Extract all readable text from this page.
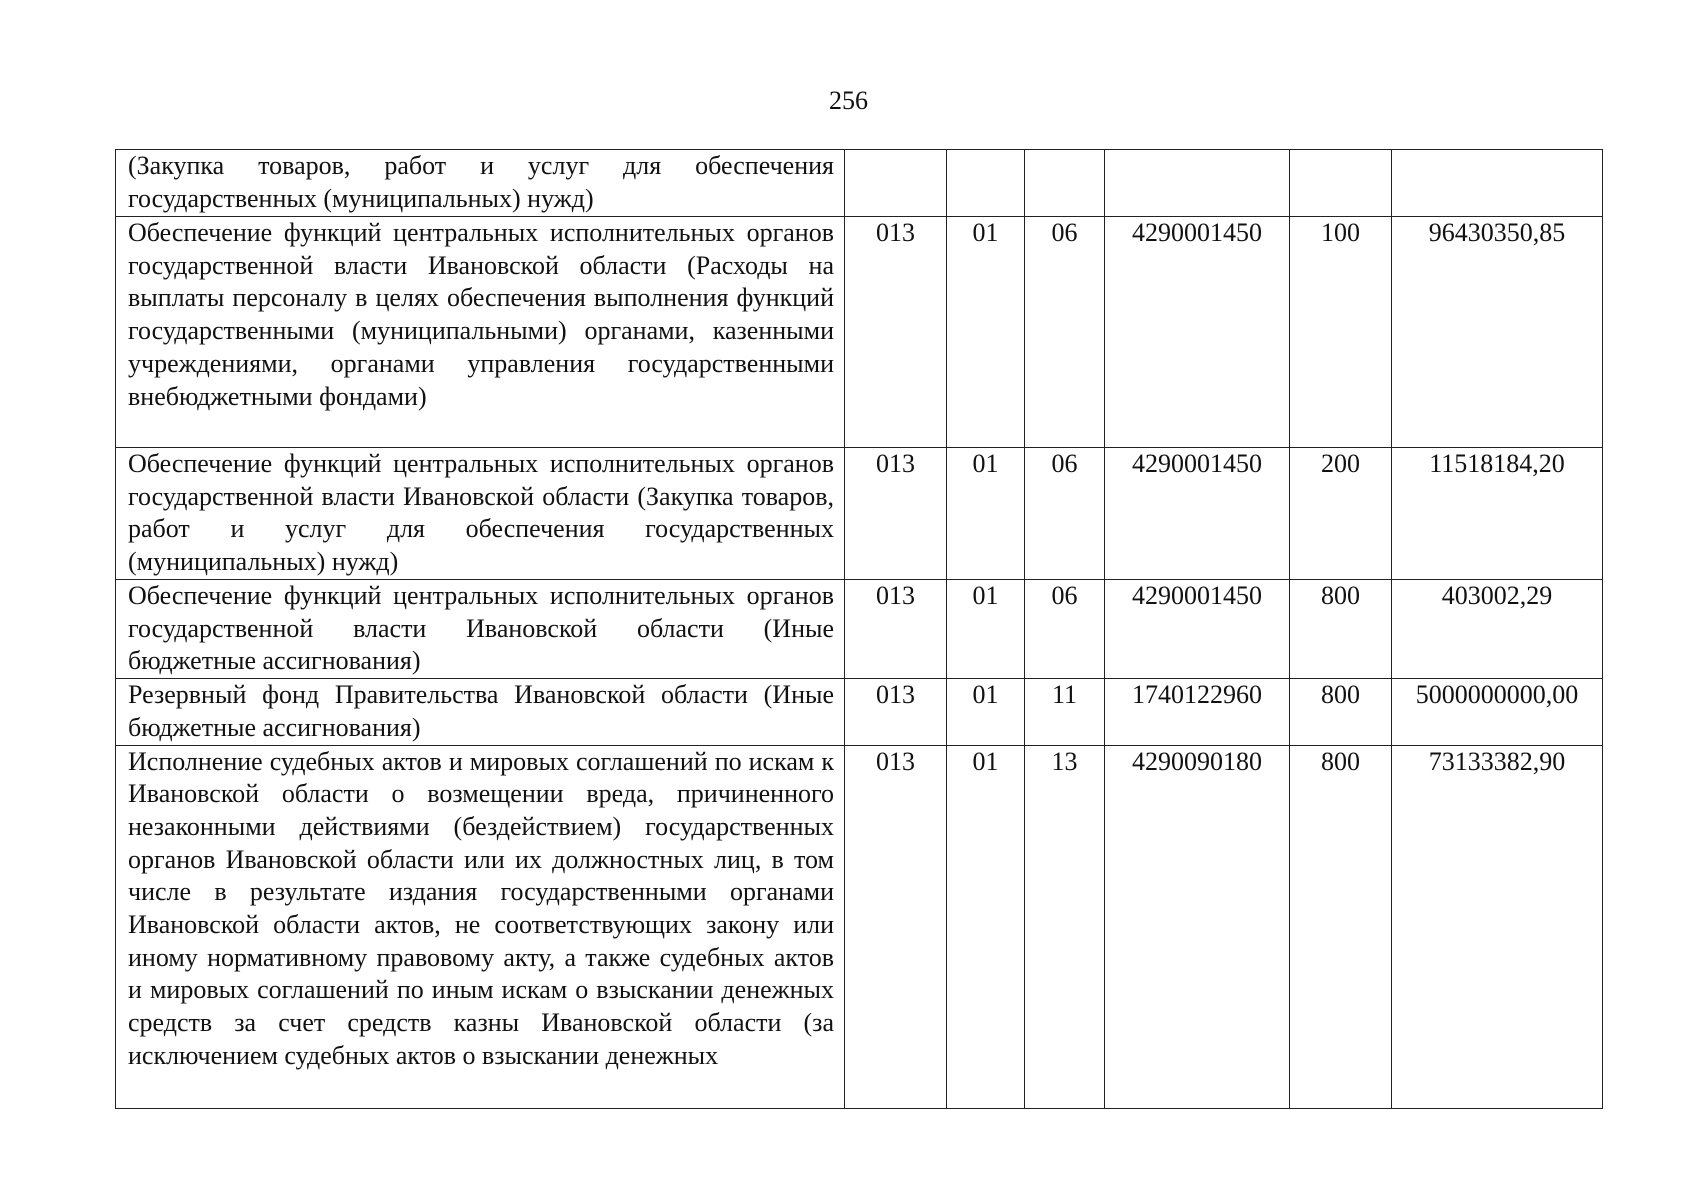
256
(Закупка товаров, работ и услуг для обеспечения государственных (муниципальных) нужд)						
Обеспечение функций центральных исполнительных органов государственной власти Ивановской области (Расходы на выплаты персоналу в целях обеспечения выполнения функций государственными (муниципальными) органами, казенными учреждениями, органами управления государственными внебюджетными фондами)	013	01	06	4290001450	100	96430350,85
Обеспечение функций центральных исполнительных органов государственной власти Ивановской области (Закупка товаров, работ и услуг для обеспечения государственных (муниципальных) нужд)	013	01	06	4290001450	200	11518184,20
Обеспечение функций центральных исполнительных органов государственной власти Ивановской области (Иные бюджетные ассигнования)	013	01	06	4290001450	800	403002,29
Резервный фонд Правительства Ивановской области (Иные бюджетные ассигнования)	013	01	11	1740122960	800	5000000000,00
Исполнение судебных актов и мировых соглашений по искам к Ивановской области о возмещении вреда, причиненного незаконными действиями (бездействием) государственных органов Ивановской области или их должностных лиц, в том числе в результате издания государственными органами Ивановской области актов, не соответствующих закону или иному нормативному правовому акту, а также судебных актов и мировых соглашений по иным искам о взыскании денежных средств за счет средств казны Ивановской области (за исключением судебных актов о взыскании денежных	013	01	13	4290090180	800	73133382,90
